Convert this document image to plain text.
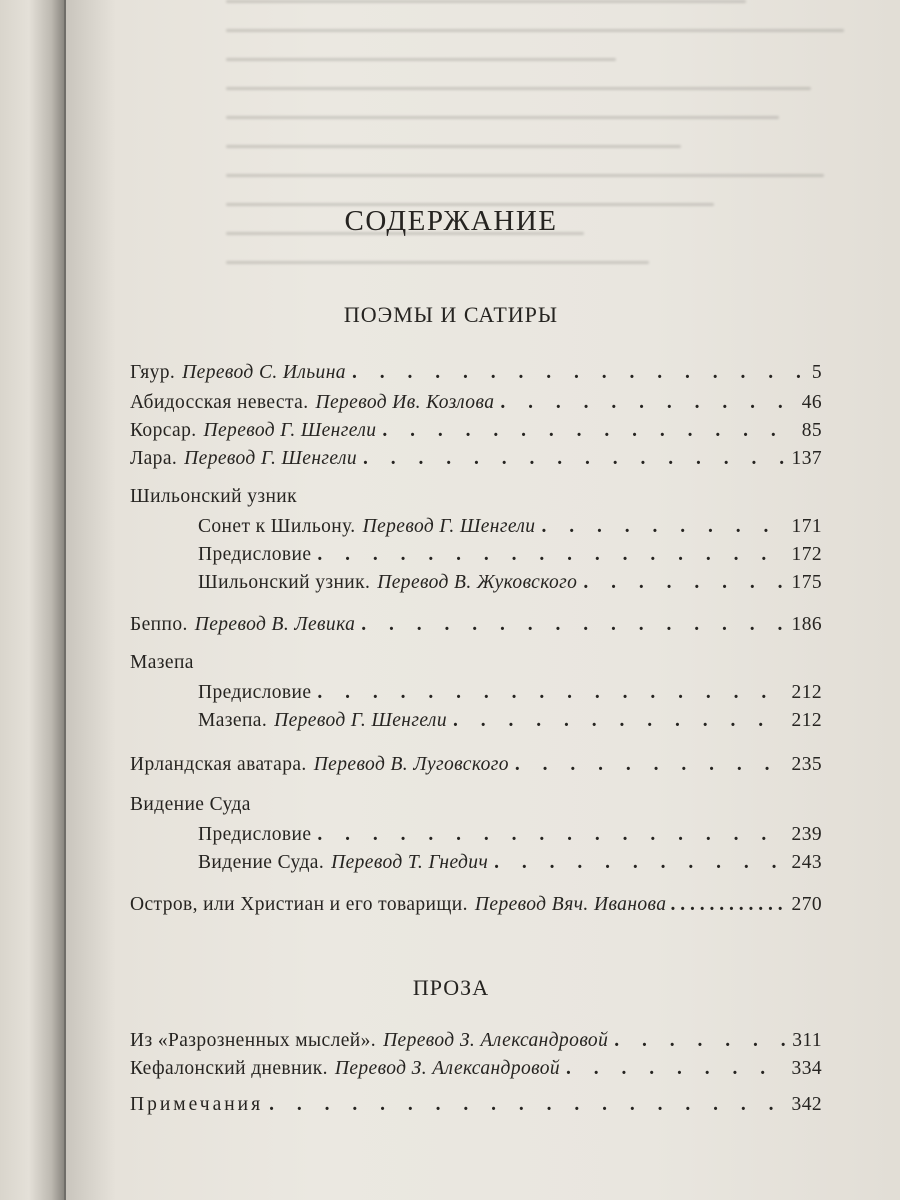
СОДЕРЖАНИЕ
ПОЭМЫ И САТИРЫ
Гяур. Перевод С. Ильина . . .	5
Абидосская невеста. Перевод Ив. Козлова . . .	46
Корсар. Перевод Г. Шенгели . . .	85
Лара. Перевод Г. Шенгели . . .	137
Шильонский узник
Сонет к Шильону. Перевод Г. Шенгели . . .	171
Предисловие . . .	172
Шильонский узник. Перевод В. Жуковского . . .	175
Беппо. Перевод В. Левика . . .	186
Мазепа
Предисловие . . .	212
Мазепа. Перевод Г. Шенгели . . .	212
Ирландская аватара. Перевод В. Луговского . . .	235
Видение Суда
Предисловие . . .	239
Видение Суда. Перевод Т. Гнедич . . .	243
Остров, или Христиан и его товарищи. Перевод Вяч. Иванова . . .	270
ПРОЗА
Из «Разрозненных мыслей». Перевод З. Александровой . . .	311
Кефалонский дневник. Перевод З. Александровой . . .	334
Примечания . . .	342
